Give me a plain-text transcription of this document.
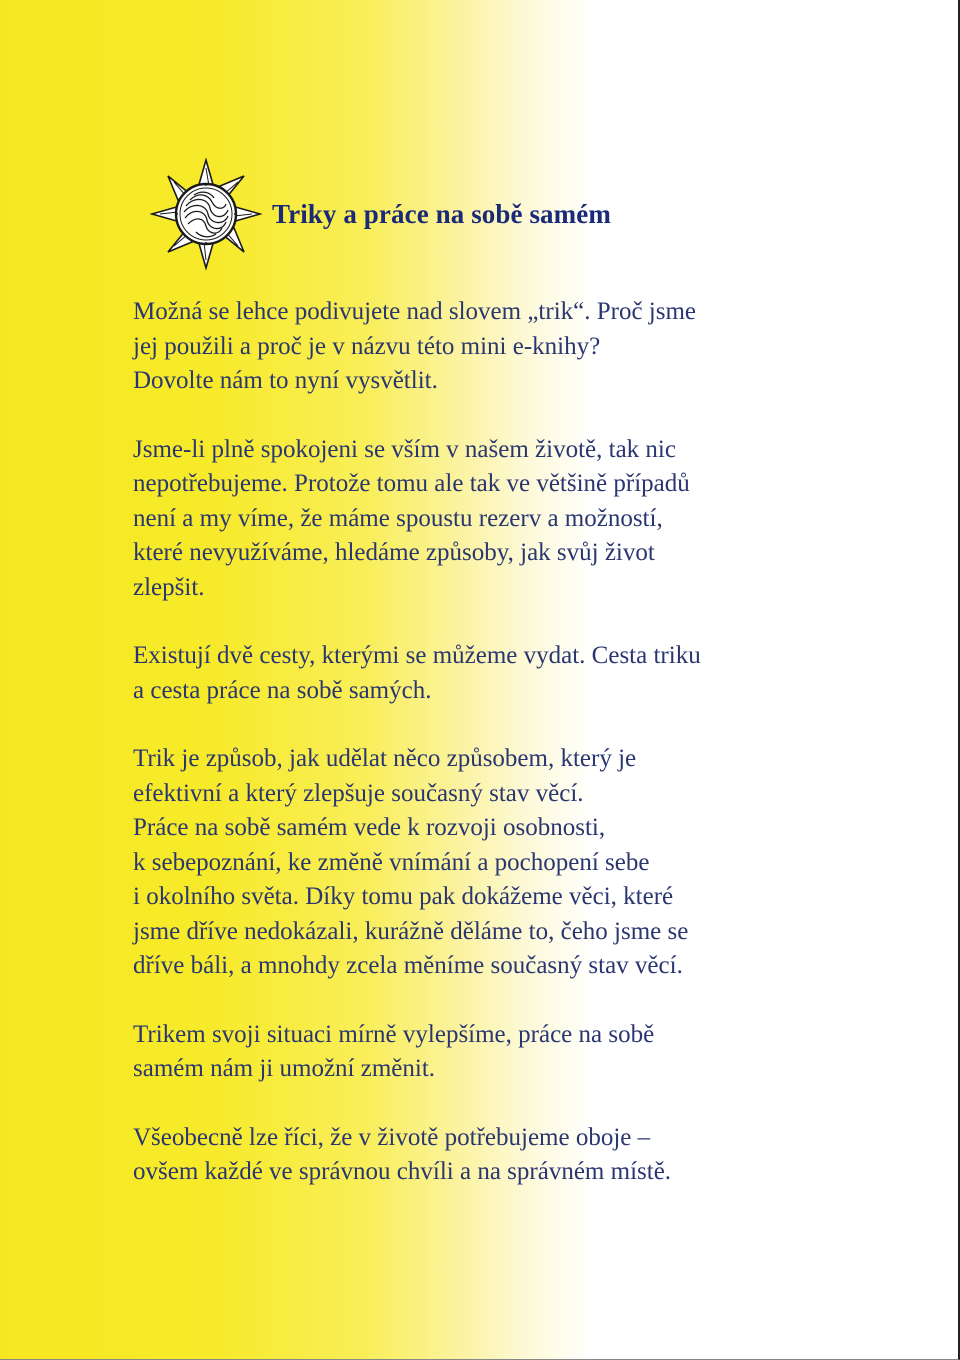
Triky a práce na sobě samém

Možná se lehce podivujete nad slovem „trik“. Proč jsme
jej použili a proč je v názvu této mini e-knihy?
Dovolte nám to nyní vysvětlit.

Jsme-li plně spokojeni se vším v našem životě, tak nic
nepotřebujeme. Protože tomu ale tak ve většině případů
není a my víme, že máme spoustu rezerv a možností,
které nevyužíváme, hledáme způsoby, jak svůj život
zlepšit.

Existují dvě cesty, kterými se můžeme vydat. Cesta triku
a cesta práce na sobě samých.

Trik je způsob, jak udělat něco způsobem, který je
efektivní a který zlepšuje současný stav věcí.
Práce na sobě samém vede k rozvoji osobnosti,
k sebepoznání, ke změně vnímání a pochopení sebe
i okolního světa. Díky tomu pak dokážeme věci, které
jsme dříve nedokázali, kurážně děláme to, čeho jsme se
dříve báli, a mnohdy zcela měníme současný stav věcí.

Trikem svoji situaci mírně vylepšíme, práce na sobě
samém nám ji umožní změnit.

Všeobecně lze říci, že v životě potřebujeme oboje –
ovšem každé ve správnou chvíli a na správném místě.
